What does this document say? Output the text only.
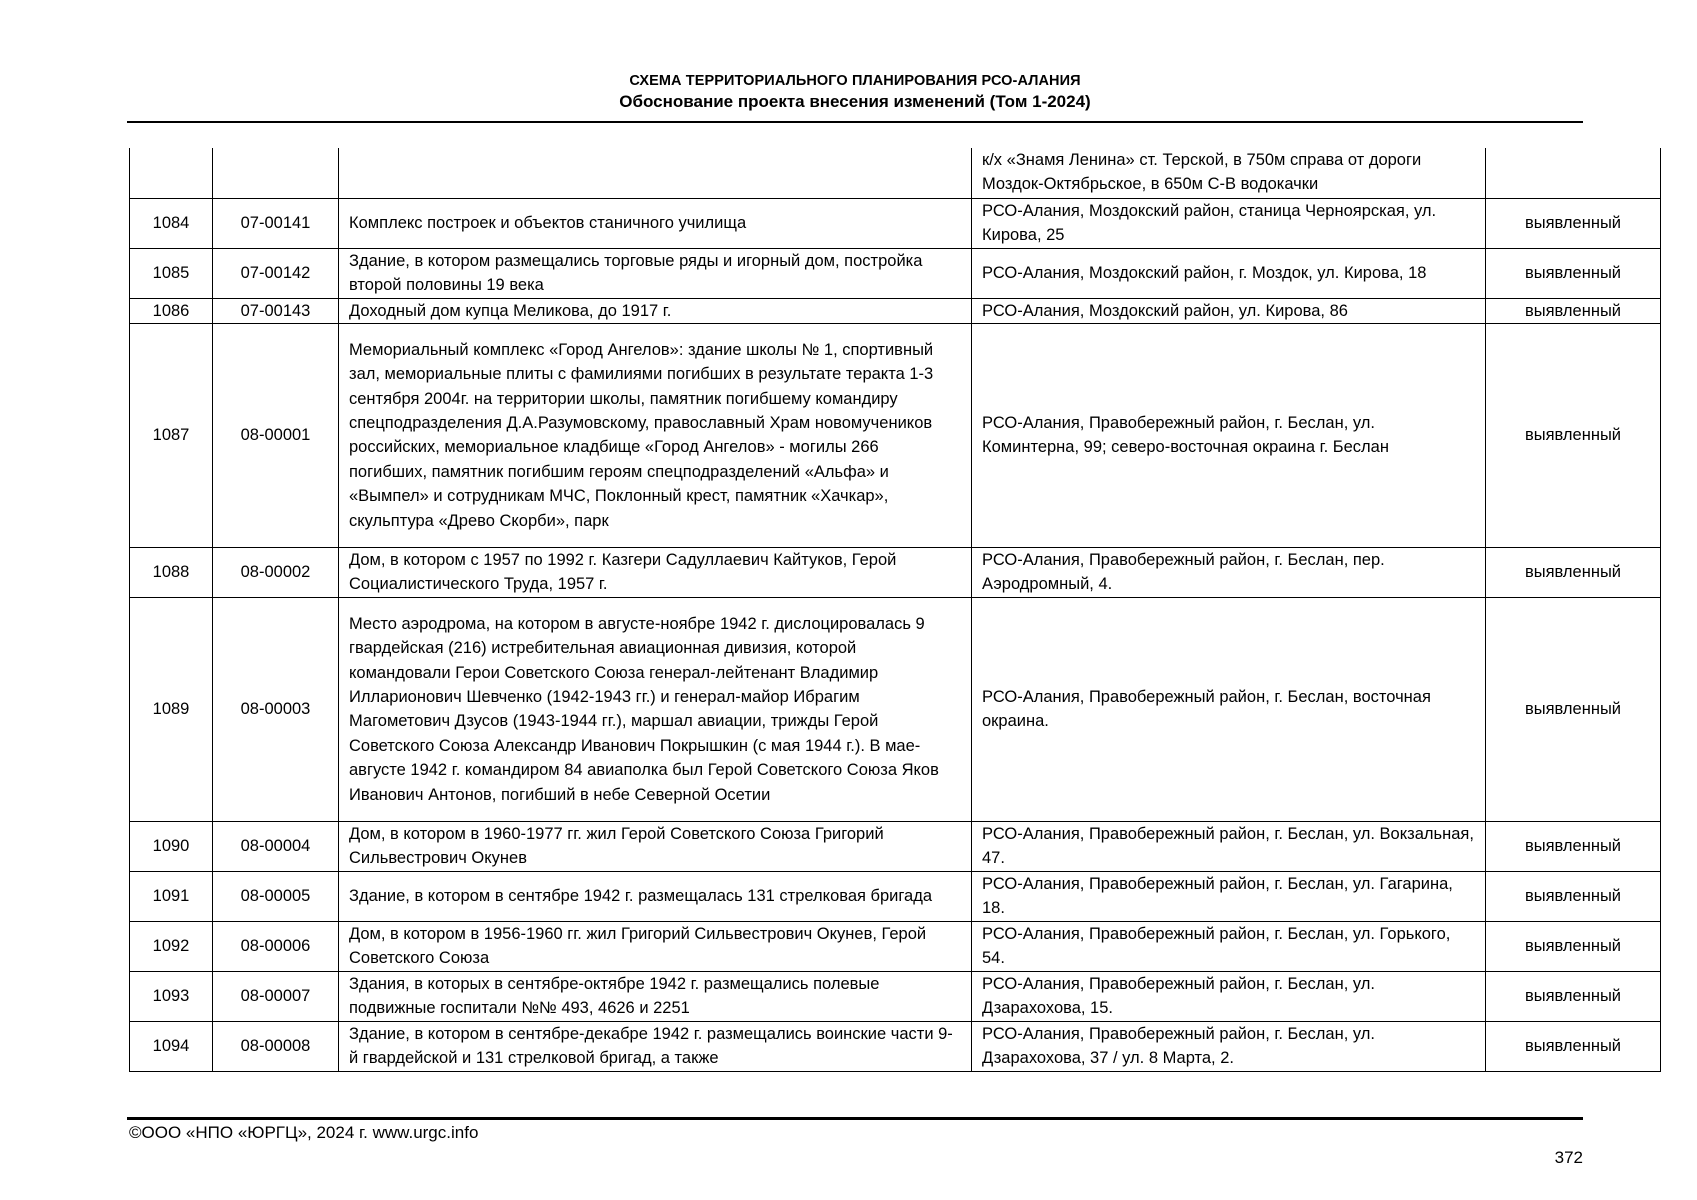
СХЕМА ТЕРРИТОРИАЛЬНОГО ПЛАНИРОВАНИЯ РСО-АЛАНИЯ
Обоснование проекта внесения изменений (Том 1-2024)
			к/х «Знамя Ленина» ст. Терской, в 750м справа от дороги Моздок-Октябрьское, в 650м С-В водокачки	
1084	07-00141	Комплекс построек и объектов станичного училища	РСО-Алания, Моздокский район, станица Черноярская, ул. Кирова, 25	выявленный
1085	07-00142	Здание, в котором размещались торговые ряды и игорный дом, постройка второй половины 19 века	РСО-Алания, Моздокский район, г. Моздок, ул. Кирова, 18	выявленный
1086	07-00143	Доходный дом купца Меликова, до 1917 г.	РСО-Алания, Моздокский район, ул. Кирова, 86	выявленный
1087	08-00001	Мемориальный комплекс «Город Ангелов»: здание школы № 1, спортивный зал, мемориальные плиты с фамилиями погибших в результате теракта 1-3 сентября 2004г. на территории школы, памятник погибшему командиру спецподразделения Д.А.Разумовскому, православный Храм новомучеников российских, мемориальное кладбище «Город Ангелов» - могилы 266 погибших, памятник погибшим героям спецподразделений «Альфа» и «Вымпел» и сотрудникам МЧС, Поклонный крест, памятник «Хачкар», скульптура «Древо Скорби», парк	РСО-Алания, Правобережный район, г. Беслан, ул. Коминтерна, 99; северо-восточная окраина г. Беслан	выявленный
1088	08-00002	Дом, в котором с 1957 по 1992 г. Казгери Садуллаевич Кайтуков, Герой Социалистического Труда, 1957 г.	РСО-Алания, Правобережный район, г. Беслан, пер. Аэродромный, 4.	выявленный
1089	08-00003	Место аэродрома, на котором в августе-ноябре 1942 г. дислоцировалась 9 гвардейская (216) истребительная авиационная дивизия, которой командовали Герои Советского Союза генерал-лейтенант Владимир Илларионович Шевченко (1942-1943 гг.) и генерал-майор Ибрагим Магометович Дзусов (1943-1944 гг.), маршал авиации, трижды Герой Советского Союза Александр Иванович Покрышкин (с мая 1944 г.). В мае-августе 1942 г. командиром 84 авиаполка был Герой Советского Союза Яков Иванович Антонов, погибший в небе Северной Осетии	РСО-Алания, Правобережный район, г. Беслан, восточная окраина.	выявленный
1090	08-00004	Дом, в котором в 1960-1977 гг. жил Герой Советского Союза Григорий Сильвестрович Окунев	РСО-Алания, Правобережный район, г. Беслан, ул. Вокзальная, 47.	выявленный
1091	08-00005	Здание, в котором в сентябре 1942 г. размещалась 131 стрелковая бригада	РСО-Алания, Правобережный район, г. Беслан, ул. Гагарина, 18.	выявленный
1092	08-00006	Дом, в котором в 1956-1960 гг. жил Григорий Сильвестрович Окунев, Герой Советского Союза	РСО-Алания, Правобережный район, г. Беслан, ул. Горького, 54.	выявленный
1093	08-00007	Здания, в которых в сентябре-октябре 1942 г. размещались полевые подвижные госпитали №№ 493, 4626 и 2251	РСО-Алания, Правобережный район, г. Беслан, ул. Дзарахохова, 15.	выявленный
1094	08-00008	Здание, в котором в сентябре-декабре 1942 г. размещались воинские части 9-й гвардейской и 131 стрелковой бригад, а также	РСО-Алания, Правобережный район, г. Беслан, ул. Дзарахохова, 37 / ул. 8 Марта, 2.	выявленный
©ООО «НПО «ЮРГЦ», 2024 г. www.urgc.info
372
